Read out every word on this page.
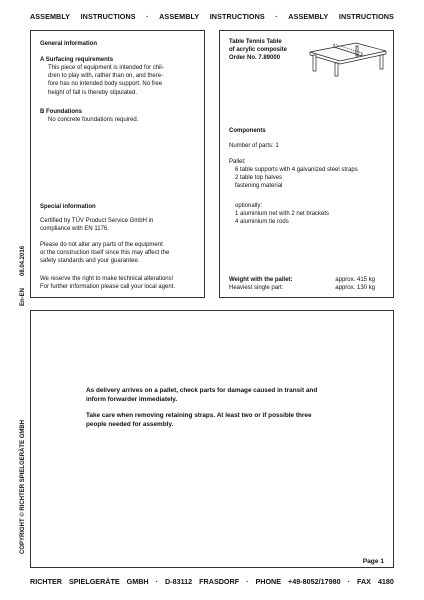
ASSEMBLY INSTRUCTIONS · ASSEMBLY INSTRUCTIONS · ASSEMBLY INSTRUCTIONS
En-EN
08.04.2016
COPYRIGHT © RICHTER SPIELGERÄTE GMBH
General information
A Surfacing requirements
This piece of equipment is intended for chil-
dren to play with, rather than on, and there-
fore has no intended body support. No free
height of fall is thereby stipulated.
B Foundations
No concrete foundations required.
Special information
Certified by TÜV Product Service GmbH in
compliance with EN 1176.
Please do not alter any parts of the equipment
or the construction itself since this may affect the
safety standards and your guarantee.
We reserve the right to make technical alterations!
For further information please call your local agent.
Table Tennis Table
of acrylic composite
Order No. 7.89000
Components
Number of parts: 1
Pallet:
6 table supports with 4 galvanized steel straps
2 table top halves
fastening material
optionally:
1 aluminium net with 2 net brackets
4 aluminium tie rods
Weight with the pallet:	approx. 415 kg
Heaviest single part:	approx. 130 kg
As delivery arrives on a pallet, check parts for damage caused in transit and
inform forwarder immediately.
Take care when removing retaining straps. At least two or if possible three
people needed for assembly.
Page 1
RICHTER SPIELGERÄTE GMBH · D-83112 FRASDORF · PHONE +49-8052/17980 · FAX 4180
